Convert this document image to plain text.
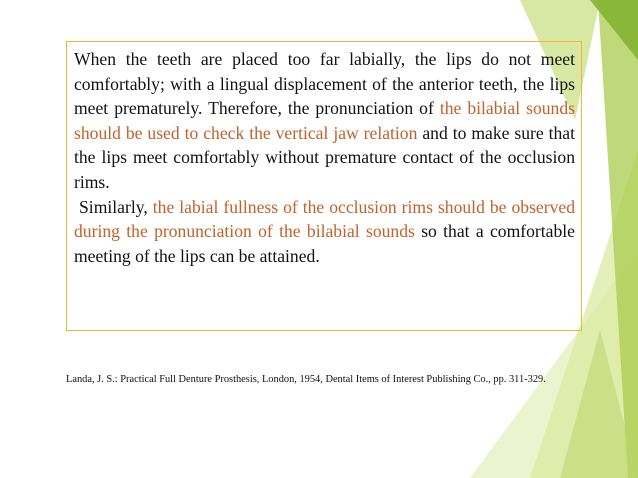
When the teeth are placed too far labially, the lips do not meet comfortably; with a lingual displacement of the anterior teeth, the lips meet prematurely. Therefore, the pronunciation of the bilabial sounds should be used to check the vertical jaw relation and to make sure that the lips meet comfortably without premature contact of the occlusion rims.

Similarly, the labial fullness of the occlusion rims should be observed during the pronunciation of the bilabial sounds so that a comfortable meeting of the lips can be attained.

Landa, J. S.: Practical Full Denture Prosthesis, London, 1954, Dental Items of Interest Publishing Co., pp. 311-329.
